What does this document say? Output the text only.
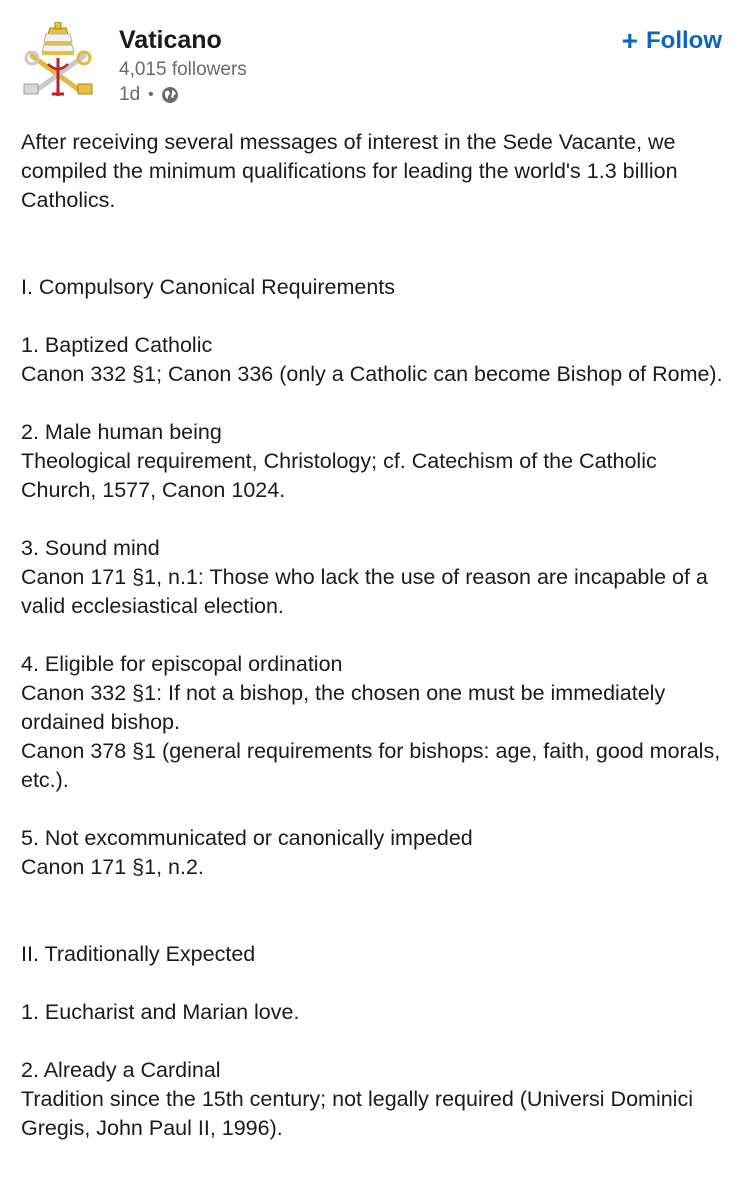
Vaticano
4,015 followers
1d •
+ Follow

After receiving several messages of interest in the Sede Vacante, we compiled the minimum qualifications for leading the world's 1.3 billion Catholics.

I. Compulsory Canonical Requirements

1. Baptized Catholic

Canon 332 §1; Canon 336 (only a Catholic can become Bishop of Rome).

2. Male human being

Theological requirement, Christology; cf. Catechism of the Catholic Church, 1577, Canon 1024.

3. Sound mind

Canon 171 §1, n.1: Those who lack the use of reason are incapable of a valid ecclesiastical election.

4. Eligible for episcopal ordination

Canon 332 §1: If not a bishop, the chosen one must be immediately ordained bishop.

Canon 378 §1 (general requirements for bishops: age, faith, good morals, etc.).

5. Not excommunicated or canonically impeded

Canon 171 §1, n.2.

II. Traditionally Expected

1. Eucharist and Marian love.

2. Already a Cardinal

Tradition since the 15th century; not legally required (Universi Dominici Gregis, John Paul II, 1996).
